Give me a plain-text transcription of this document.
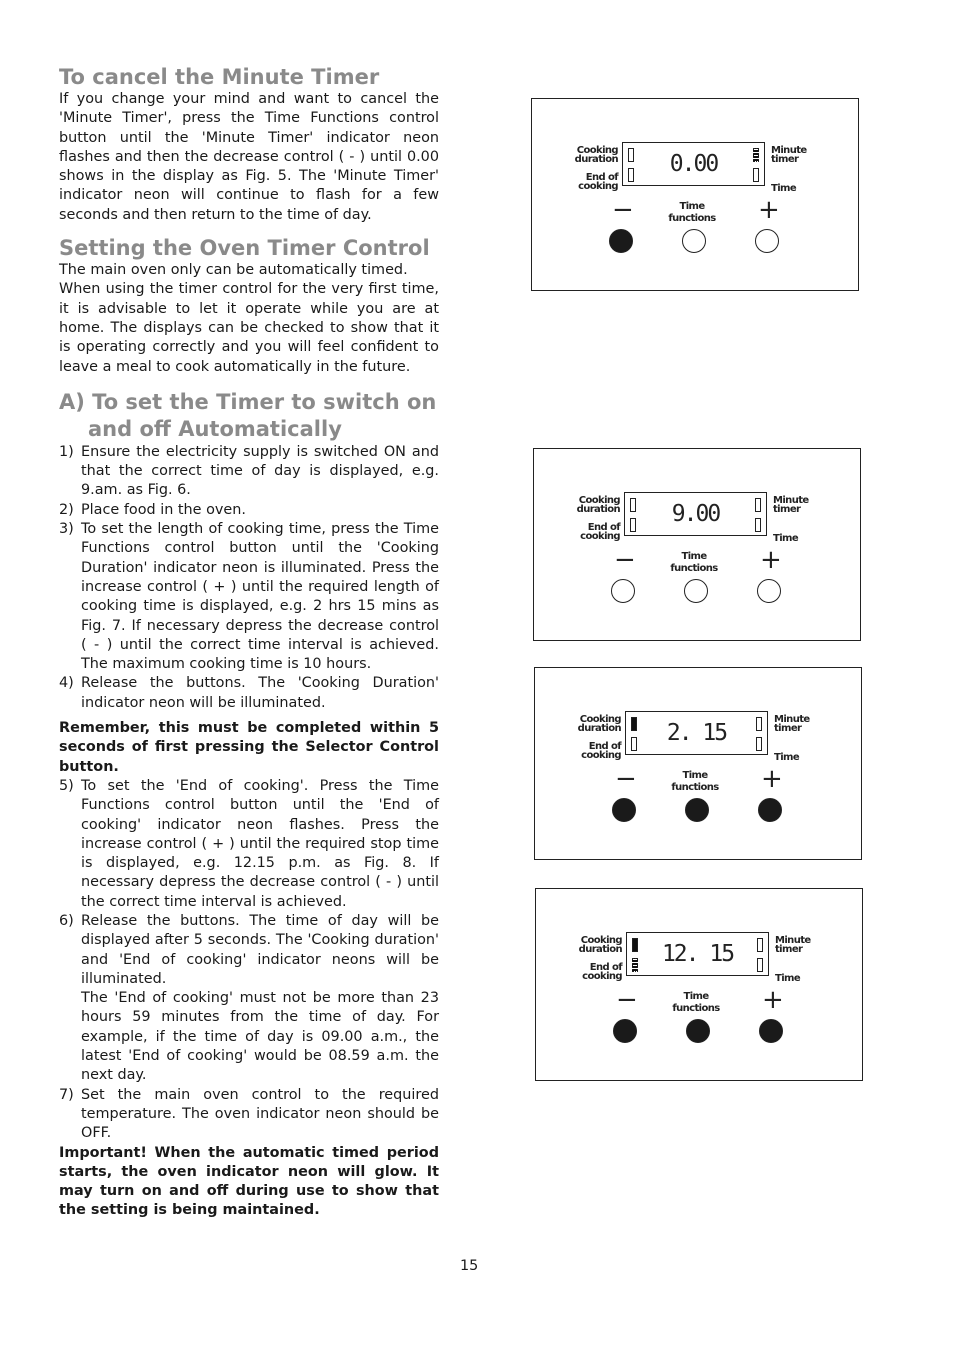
To cancel the Minute Timer

If you change your mind and want to cancel the 'Minute Timer', press the Time Functions control button until the 'Minute Timer' indicator neon flashes and then the decrease control ( - ) until 0.00 shows in the display as Fig. 5. The 'Minute Timer' indicator neon will continue to flash for a few seconds and then return to the time of day.

Setting the Oven Timer Control

The main oven only can be automatically timed.

When using the timer control for the very first time, it is advisable to let it operate while you are at home. The displays can be checked to show that it is operating correctly and you will feel confident to leave a meal to cook automatically in the future.

A) To set the Timer to switch on
and off Automatically
1) Ensure the electricity supply is switched ON and that the correct time of day is displayed, e.g. 9.am. as Fig. 6.
2) Place food in the oven.
3) To set the length of cooking time, press the Time Functions control button until the 'Cooking Duration' indicator neon is illuminated. Press the increase control ( + ) until the required length of cooking time is displayed, e.g. 2 hrs 15 mins as Fig. 7. If necessary depress the decrease control ( - ) until the correct time interval is achieved. The maximum cooking time is 10 hours.
4) Release the buttons. The 'Cooking Duration' indicator neon will be illuminated.

Remember, this must be completed within 5 seconds of first pressing the Selector Control button.

5) To set the 'End of cooking'. Press the Time Functions control button until the 'End of cooking' indicator neon flashes. Press the increase control ( + ) until the required stop time is displayed, e.g. 12.15 p.m. as Fig. 8. If necessary depress the decrease control ( - ) until the correct time interval is achieved.
6) Release the buttons. The time of day will be displayed after 5 seconds. The 'Cooking duration' and 'End of cooking' indicator neons will be illuminated.
The 'End of cooking' must not be more than 23 hours 59 minutes from the time of day. For example, if the time of day is 09.00 a.m., the latest 'End of cooking' would be 08.59 a.m. the next day.
7) Set the main oven control to the required temperature. The oven indicator neon should be OFF.

Important! When the automatic timed period starts, the oven indicator neon will glow. It may turn on and off during use to show that the setting is being maintained.

15
Cooking
duration
End of
cooking
0.00
Minute
timer
Time
−	Time
functions +
Cooking
duration
End of
cooking
9.00
Minute
timer
Time
−	Time
functions +
Cooking
duration
End of
cooking
2. 15
Minute
timer
Time
−	Time
functions +
Cooking
duration
End of
cooking
12. 15
Minute
timer
Time
−	Time
functions +
